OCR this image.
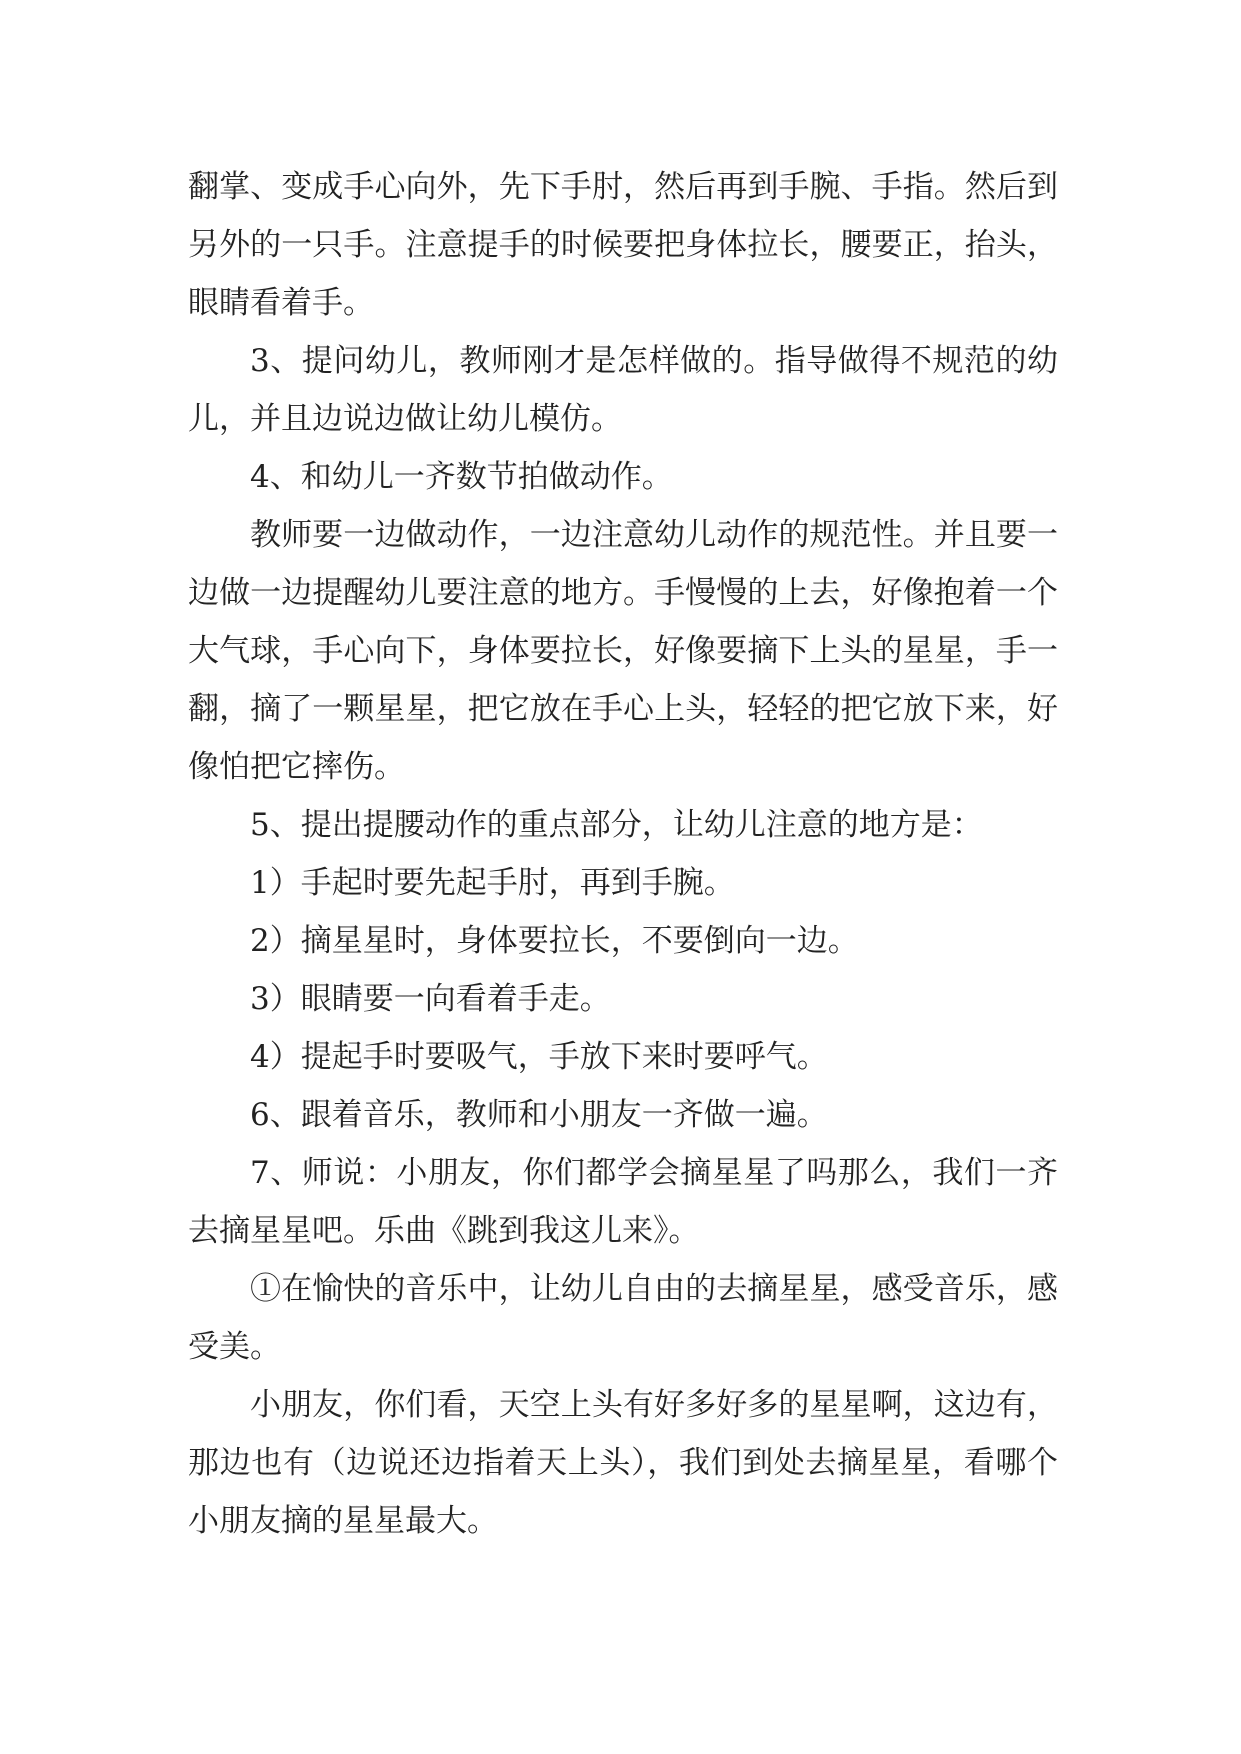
翻掌、变成手心向外，先下手肘，然后再到手腕、手指。然后到另外的一只手。注意提手的时候要把身体拉长，腰要正，抬头，眼睛看着手。

3、提问幼儿，教师刚才是怎样做的。指导做得不规范的幼儿，并且边说边做让幼儿模仿。

4、和幼儿一齐数节拍做动作。

教师要一边做动作，一边注意幼儿动作的规范性。并且要一边做一边提醒幼儿要注意的地方。手慢慢的上去，好像抱着一个大气球，手心向下，身体要拉长，好像要摘下上头的星星，手一翻，摘了一颗星星，把它放在手心上头，轻轻的把它放下来，好像怕把它摔伤。

5、提出提腰动作的重点部分，让幼儿注意的地方是：

1）手起时要先起手肘，再到手腕。

2）摘星星时，身体要拉长，不要倒向一边。

3）眼睛要一向看着手走。

4）提起手时要吸气，手放下来时要呼气。

6、跟着音乐，教师和小朋友一齐做一遍。

7、师说：小朋友，你们都学会摘星星了吗那么，我们一齐去摘星星吧。乐曲《跳到我这儿来》。

①在愉快的音乐中，让幼儿自由的去摘星星，感受音乐，感受美。

小朋友，你们看，天空上头有好多好多的星星啊，这边有，那边也有（边说还边指着天上头），我们到处去摘星星，看哪个小朋友摘的星星最大。
